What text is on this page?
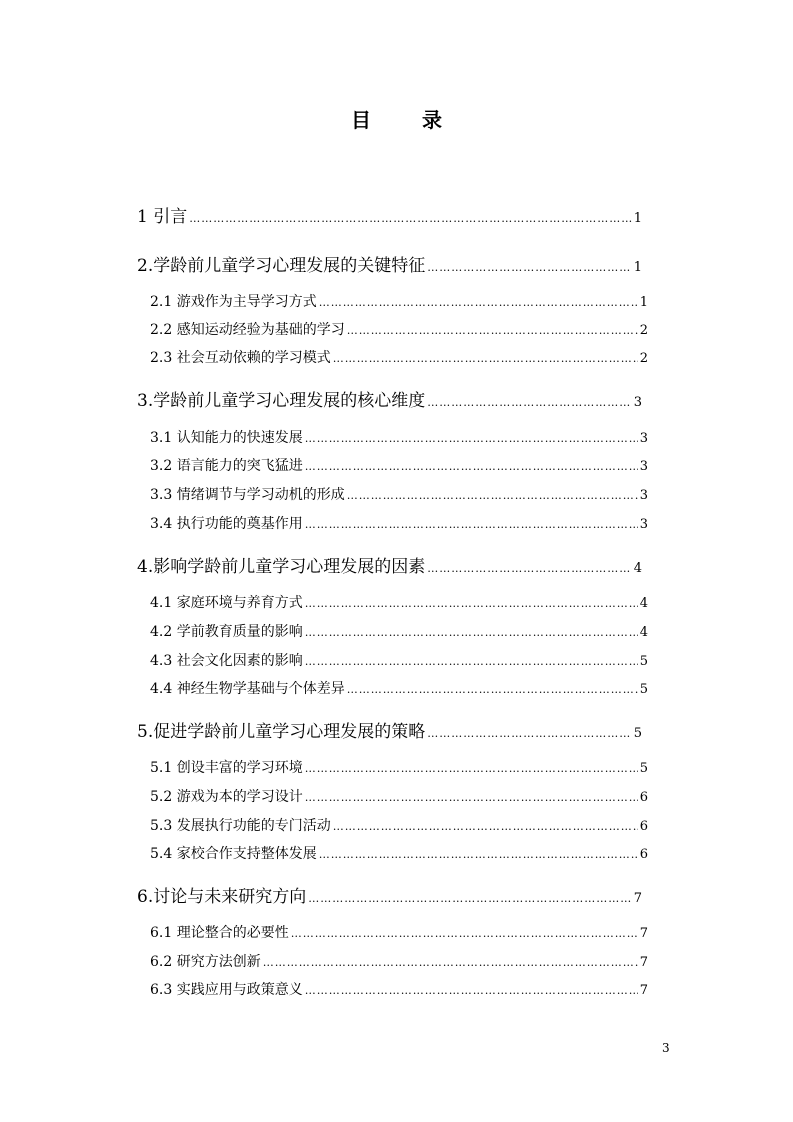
目 录
1 引言 ……………………………………………………………………………………………………………………………………………	1
2.学龄前儿童学习心理发展的关键特征 ……………………………………………………………………………………………………………………………………………	1
2.1 游戏作为主导学习方式 ……………………………………………………………………………………………………………………………………………	1
2.2 感知运动经验为基础的学习 ……………………………………………………………………………………………………………………………………………	2
2.3 社会互动依赖的学习模式 ……………………………………………………………………………………………………………………………………………	2
3.学龄前儿童学习心理发展的核心维度 ……………………………………………………………………………………………………………………………………………	3
3.1 认知能力的快速发展 ……………………………………………………………………………………………………………………………………………	3
3.2 语言能力的突飞猛进 ……………………………………………………………………………………………………………………………………………	3
3.3 情绪调节与学习动机的形成 ……………………………………………………………………………………………………………………………………………	3
3.4 执行功能的奠基作用 ……………………………………………………………………………………………………………………………………………	3
4.影响学龄前儿童学习心理发展的因素 ……………………………………………………………………………………………………………………………………………	4
4.1 家庭环境与养育方式 ……………………………………………………………………………………………………………………………………………	4
4.2 学前教育质量的影响 ……………………………………………………………………………………………………………………………………………	4
4.3 社会文化因素的影响 ……………………………………………………………………………………………………………………………………………	5
4.4 神经生物学基础与个体差异 ……………………………………………………………………………………………………………………………………………	5
5.促进学龄前儿童学习心理发展的策略 ……………………………………………………………………………………………………………………………………………	5
5.1 创设丰富的学习环境 ……………………………………………………………………………………………………………………………………………	5
5.2 游戏为本的学习设计 ……………………………………………………………………………………………………………………………………………	6
5.3 发展执行功能的专门活动 ……………………………………………………………………………………………………………………………………………	6
5.4 家校合作支持整体发展 ……………………………………………………………………………………………………………………………………………	6
6.讨论与未来研究方向 ……………………………………………………………………………………………………………………………………………	7
6.1 理论整合的必要性 ……………………………………………………………………………………………………………………………………………	7
6.2 研究方法创新 ……………………………………………………………………………………………………………………………………………	7
6.3 实践应用与政策意义 ……………………………………………………………………………………………………………………………………………	7
3
